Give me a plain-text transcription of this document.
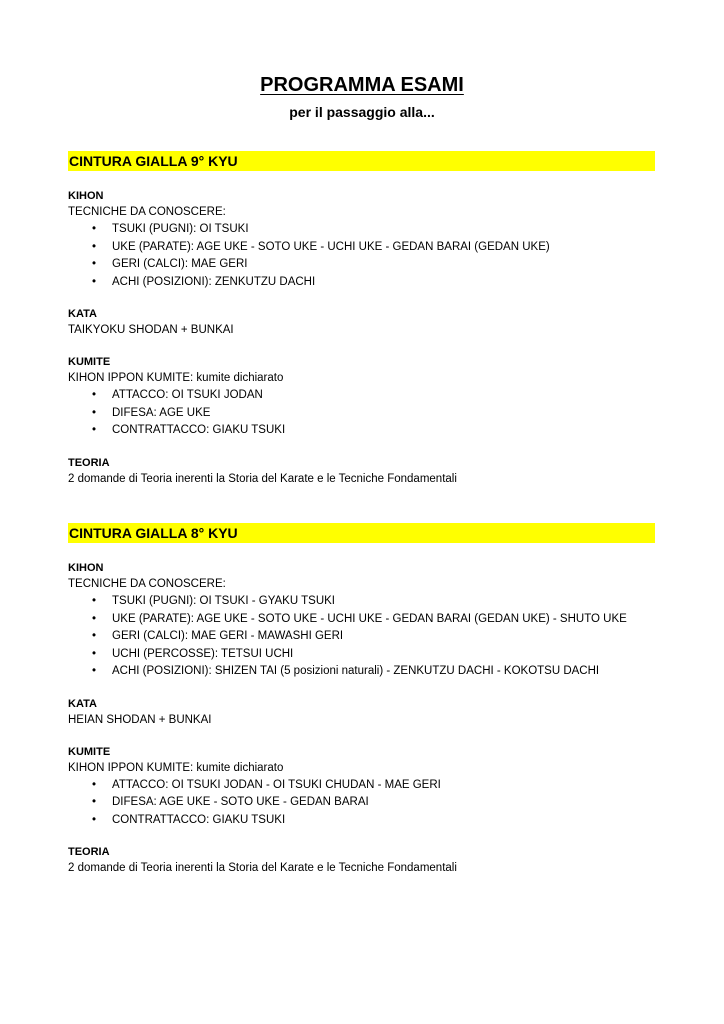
PROGRAMMA ESAMI
per il passaggio alla...
CINTURA GIALLA 9° KYU
KIHON
TECNICHE DA CONOSCERE:
• TSUKI (PUGNI): OI TSUKI
• UKE (PARATE): AGE UKE - SOTO UKE - UCHI UKE - GEDAN BARAI (GEDAN UKE)
• GERI (CALCI): MAE GERI
• ACHI (POSIZIONI): ZENKUTZU DACHI
KATA
TAIKYOKU SHODAN + BUNKAI
KUMITE
KIHON IPPON KUMITE: kumite dichiarato
• ATTACCO: OI TSUKI JODAN
• DIFESA: AGE UKE
• CONTRATTACCO: GIAKU TSUKI
TEORIA
2 domande di Teoria inerenti la Storia del Karate e le Tecniche Fondamentali
CINTURA GIALLA 8° KYU
KIHON
TECNICHE DA CONOSCERE:
• TSUKI (PUGNI): OI TSUKI - GYAKU TSUKI
• UKE (PARATE): AGE UKE - SOTO UKE - UCHI UKE - GEDAN BARAI (GEDAN UKE) - SHUTO UKE
• GERI (CALCI): MAE GERI - MAWASHI GERI
• UCHI (PERCOSSE): TETSUI UCHI
• ACHI (POSIZIONI): SHIZEN TAI (5 posizioni naturali) - ZENKUTZU DACHI - KOKOTSU DACHI
KATA
HEIAN SHODAN + BUNKAI
KUMITE
KIHON IPPON KUMITE: kumite dichiarato
• ATTACCO: OI TSUKI JODAN - OI TSUKI CHUDAN - MAE GERI
• DIFESA: AGE UKE - SOTO UKE - GEDAN BARAI
• CONTRATTACCO: GIAKU TSUKI
TEORIA
2 domande di Teoria inerenti la Storia del Karate e le Tecniche Fondamentali
